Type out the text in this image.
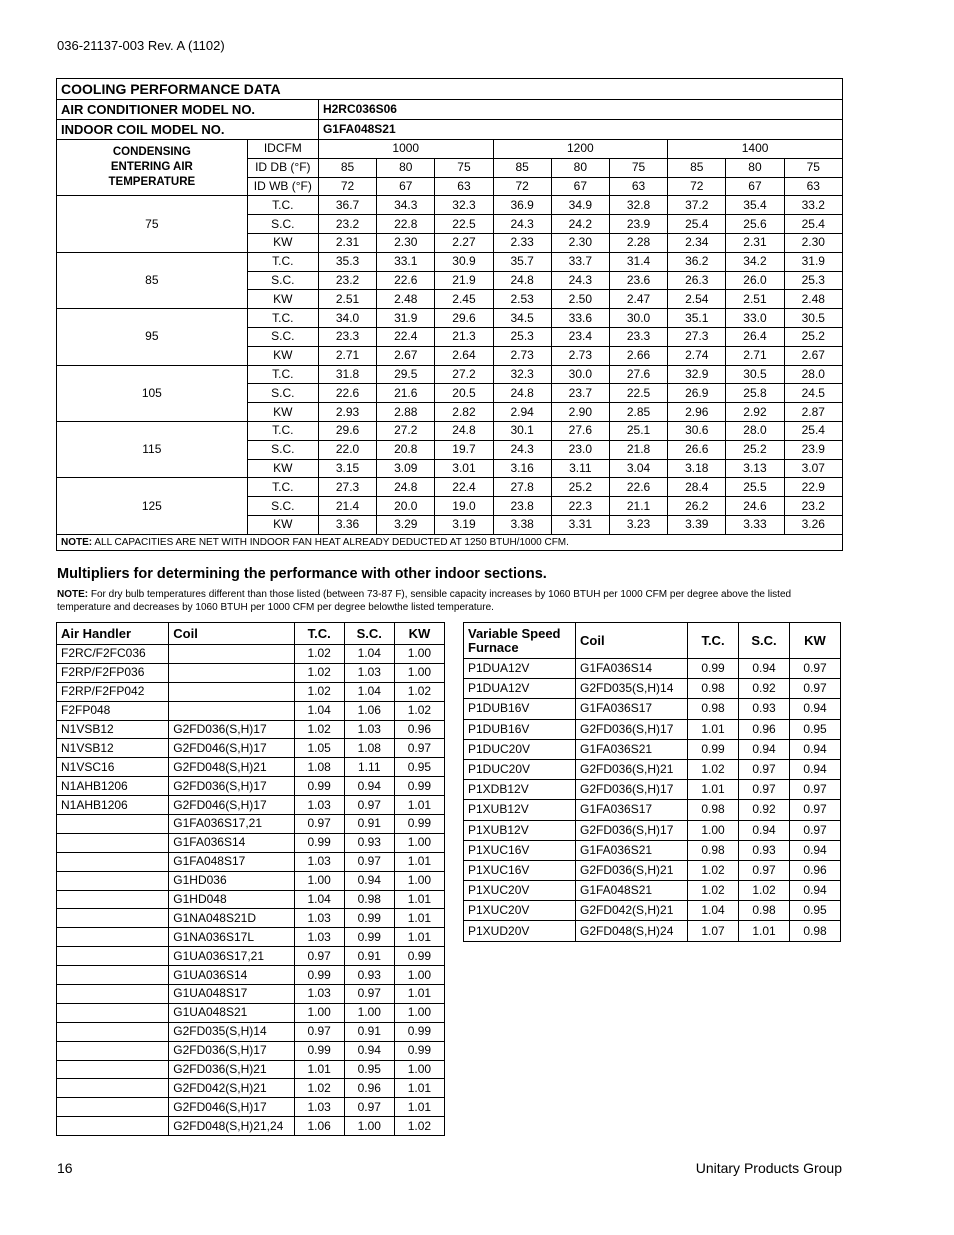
036-21137-003 Rev. A (1102)
COOLING PERFORMANCE DATA										
AIR CONDITIONER MODEL NO.		H2RC036S06								
INDOOR COIL MODEL NO.		G1FA048S21								

CONDENSING
ENTERING AIR
TEMPERATURE	IDCFM	1000			1200			1400		
	ID DB (°F)	85	80	75	85	80	75	85	80	75
	ID WB (°F)	72	67	63	72	67	63	72	67	63
75	T.C.	36.7	34.3	32.3	36.9	34.9	32.8	37.2	35.4	33.2
	S.C.	23.2	22.8	22.5	24.3	24.2	23.9	25.4	25.6	25.4
	KW	2.31	2.30	2.27	2.33	2.30	2.28	2.34	2.31	2.30
85	T.C.	35.3	33.1	30.9	35.7	33.7	31.4	36.2	34.2	31.9
	S.C.	23.2	22.6	21.9	24.8	24.3	23.6	26.3	26.0	25.3
	KW	2.51	2.48	2.45	2.53	2.50	2.47	2.54	2.51	2.48
95	T.C.	34.0	31.9	29.6	34.5	33.6	30.0	35.1	33.0	30.5
	S.C.	23.3	22.4	21.3	25.3	23.4	23.3	27.3	26.4	25.2
	KW	2.71	2.67	2.64	2.73	2.73	2.66	2.74	2.71	2.67
105	T.C.	31.8	29.5	27.2	32.3	30.0	27.6	32.9	30.5	28.0
	S.C.	22.6	21.6	20.5	24.8	23.7	22.5	26.9	25.8	24.5
	KW	2.93	2.88	2.82	2.94	2.90	2.85	2.96	2.92	2.87
115	T.C.	29.6	27.2	24.8	30.1	27.6	25.1	30.6	28.0	25.4
	S.C.	22.0	20.8	19.7	24.3	23.0	21.8	26.6	25.2	23.9
	KW	3.15	3.09	3.01	3.16	3.11	3.04	3.18	3.13	3.07
125	T.C.	27.3	24.8	22.4	27.8	25.2	22.6	28.4	25.5	22.9
	S.C.	21.4	20.0	19.0	23.8	22.3	21.1	26.2	24.6	23.2
	KW	3.36	3.29	3.19	3.38	3.31	3.23	3.39	3.33	3.26
NOTE: ALL CAPACITIES ARE NET WITH INDOOR FAN HEAT ALREADY DEDUCTED AT 1250 BTUH/1000 CFM.										
Multipliers for determining the performance with other indoor sections.
NOTE: For dry bulb temperatures different than those listed (between 73-87 F), sensible capacity increases by 1060 BTUH per 1000 CFM per degree above the listed temperature and decreases by 1060 BTUH per 1000 CFM per degree belowthe listed temperature.
Air Handler	Coil	T.C.	S.C.	KW
F2RC/F2FC036		1.02	1.04	1.00
F2RP/F2FP036		1.02	1.03	1.00
F2RP/F2FP042		1.02	1.04	1.02
F2FP048		1.04	1.06	1.02
N1VSB12	G2FD036(S,H)17	1.02	1.03	0.96
N1VSB12	G2FD046(S,H)17	1.05	1.08	0.97
N1VSC16	G2FD048(S,H)21	1.08	1.11	0.95
N1AHB1206	G2FD036(S,H)17	0.99	0.94	0.99
N1AHB1206	G2FD046(S,H)17	1.03	0.97	1.01
	G1FA036S17,21	0.97	0.91	0.99
	G1FA036S14	0.99	0.93	1.00
	G1FA048S17	1.03	0.97	1.01
	G1HD036	1.00	0.94	1.00
	G1HD048	1.04	0.98	1.01
	G1NA048S21D	1.03	0.99	1.01
	G1NA036S17L	1.03	0.99	1.01
	G1UA036S17,21	0.97	0.91	0.99
	G1UA036S14	0.99	0.93	1.00
	G1UA048S17	1.03	0.97	1.01
	G1UA048S21	1.00	1.00	1.00
	G2FD035(S,H)14	0.97	0.91	0.99
	G2FD036(S,H)17	0.99	0.94	0.99
	G2FD036(S,H)21	1.01	0.95	1.00
	G2FD042(S,H)21	1.02	0.96	1.01
	G2FD046(S,H)17	1.03	0.97	1.01
	G2FD048(S,H)21,24	1.06	1.00	1.02
Variable Speed Furnace	Coil	T.C.	S.C.	KW
P1DUA12V	G1FA036S14	0.99	0.94	0.97
P1DUA12V	G2FD035(S,H)14	0.98	0.92	0.97
P1DUB16V	G1FA036S17	0.98	0.93	0.94
P1DUB16V	G2FD036(S,H)17	1.01	0.96	0.95
P1DUC20V	G1FA036S21	0.99	0.94	0.94
P1DUC20V	G2FD036(S,H)21	1.02	0.97	0.94
P1XDB12V	G2FD036(S,H)17	1.01	0.97	0.97
P1XUB12V	G1FA036S17	0.98	0.92	0.97
P1XUB12V	G2FD036(S,H)17	1.00	0.94	0.97
P1XUC16V	G1FA036S21	0.98	0.93	0.94
P1XUC16V	G2FD036(S,H)21	1.02	0.97	0.96
P1XUC20V	G1FA048S21	1.02	1.02	0.94
P1XUC20V	G2FD042(S,H)21	1.04	0.98	0.95
P1XUD20V	G2FD048(S,H)24	1.07	1.01	0.98
16	Unitary Products Group
